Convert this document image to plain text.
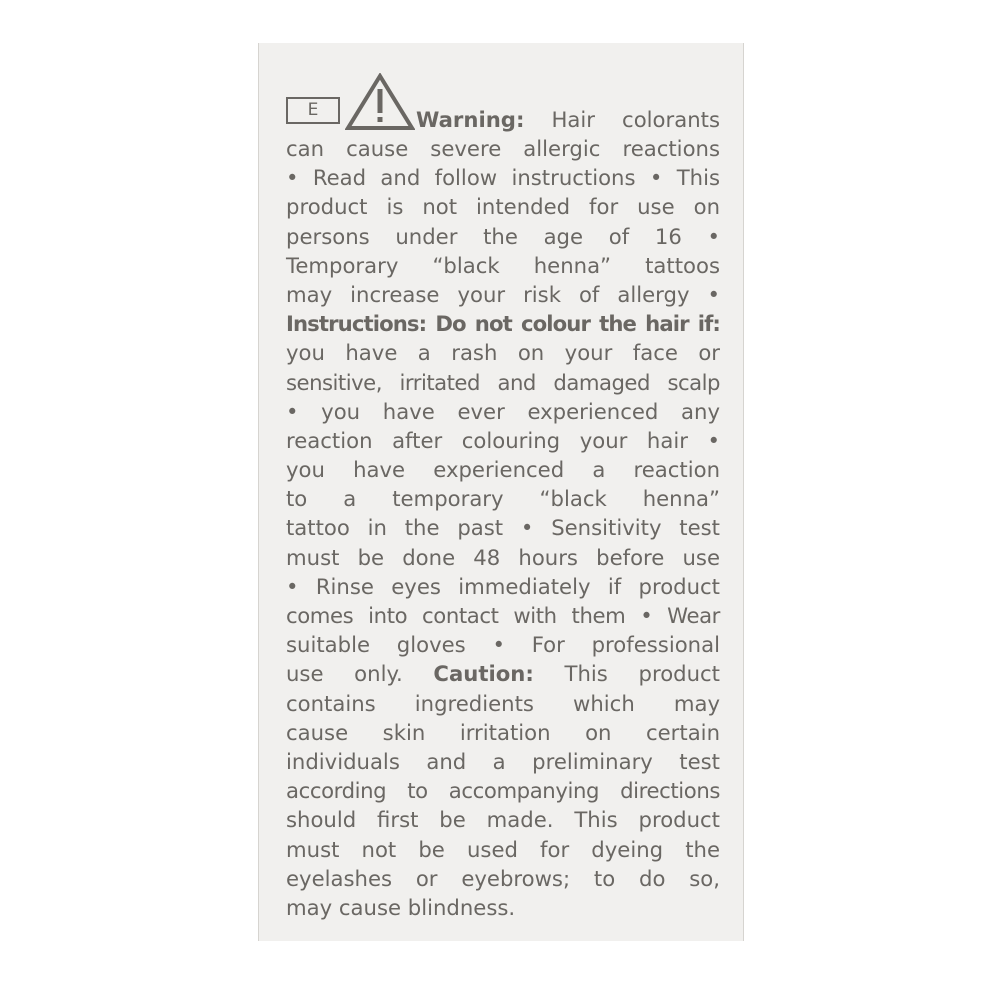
E	Warning: Hair colorants
can cause severe allergic reactions
• Read and follow instructions • This
product is not intended for use on
persons under the age of 16 •
Temporary “black henna” tattoos
may increase your risk of allergy •
Instructions: Do not colour the hair if:
you have a rash on your face or
sensitive, irritated and damaged scalp
• you have ever experienced any
reaction after colouring your hair •
you have experienced a reaction
to a temporary “black henna”
tattoo in the past • Sensitivity test
must be done 48 hours before use
• Rinse eyes immediately if product
comes into contact with them • Wear
suitable gloves • For professional
use only. Caution: This product
contains ingredients which may
cause skin irritation on certain
individuals and a preliminary test
according to accompanying directions
should first be made. This product
must not be used for dyeing the
eyelashes or eyebrows; to do so,
may cause blindness.
